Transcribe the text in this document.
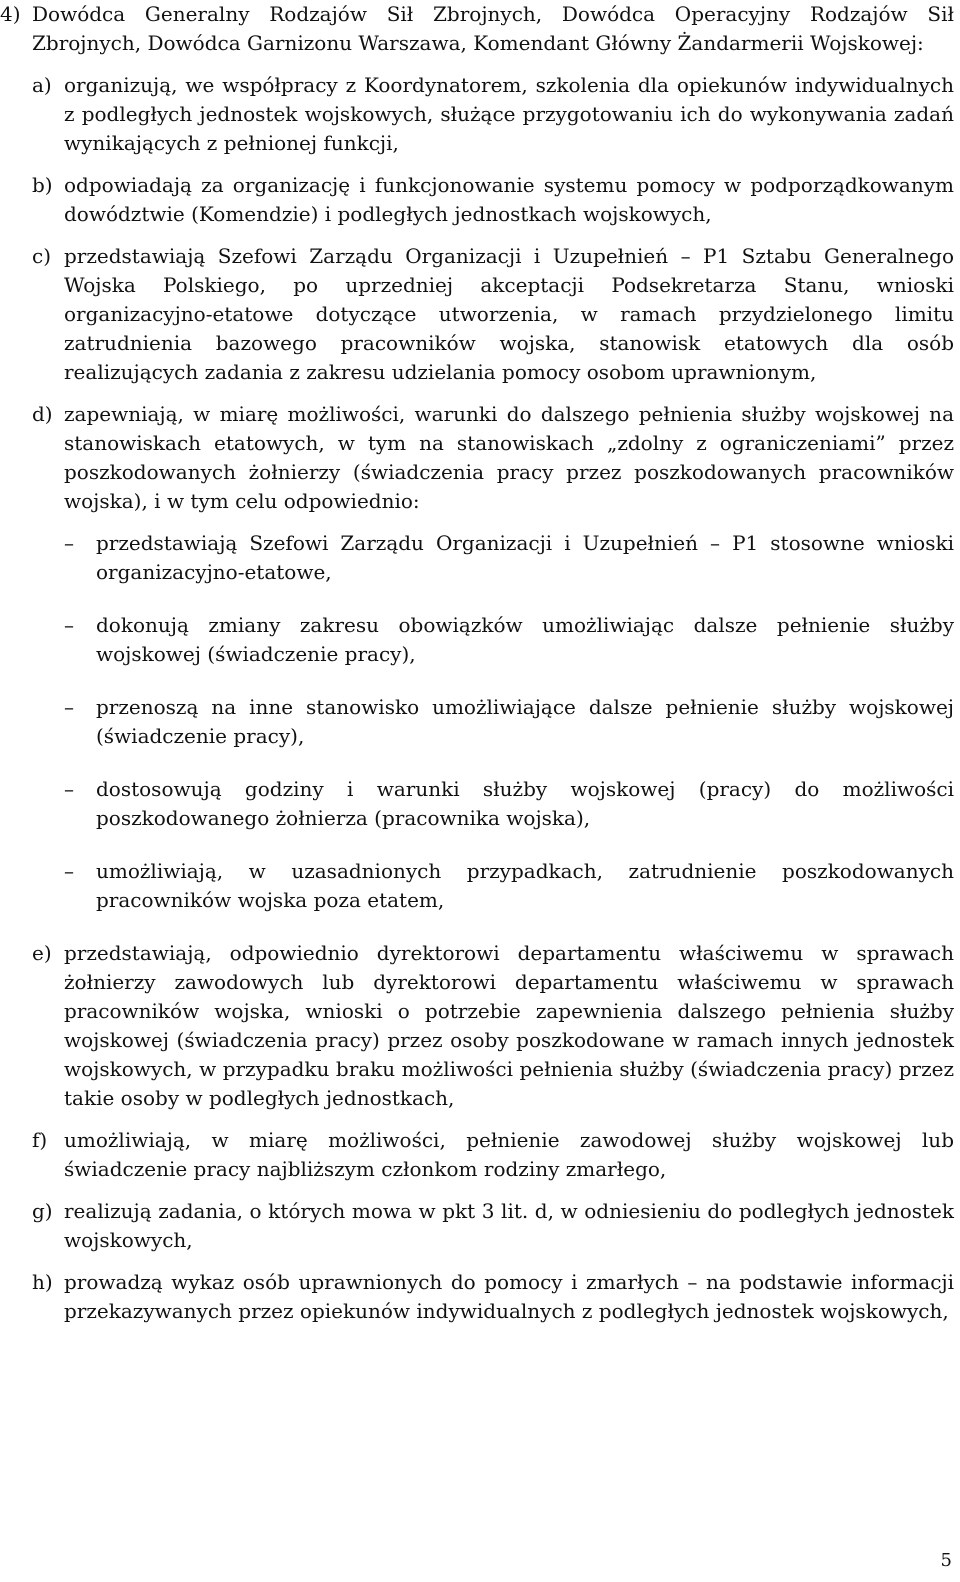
4) Dowódca Generalny Rodzajów Sił Zbrojnych, Dowódca Operacyjny Rodzajów Sił Zbrojnych, Dowódca Garnizonu Warszawa, Komendant Główny Żandarmerii Wojskowej:
a) organizują, we współpracy z Koordynatorem, szkolenia dla opiekunów indywidualnych z podległych jednostek wojskowych, służące przygotowaniu ich do wykonywania zadań wynikających z pełnionej funkcji,
b) odpowiadają za organizację i funkcjonowanie systemu pomocy w podporządkowanym dowództwie (Komendzie) i podległych jednostkach wojskowych,
c) przedstawiają Szefowi Zarządu Organizacji i Uzupełnień – P1 Sztabu Generalnego Wojska Polskiego, po uprzedniej akceptacji Podsekretarza Stanu, wnioski organizacyjno-etatowe dotyczące utworzenia, w ramach przydzielonego limitu zatrudnienia bazowego pracowników wojska, stanowisk etatowych dla osób realizujących zadania z zakresu udzielania pomocy osobom uprawnionym,
d) zapewniają, w miarę możliwości, warunki do dalszego pełnienia służby wojskowej na stanowiskach etatowych, w tym na stanowiskach „zdolny z ograniczeniami” przez poszkodowanych żołnierzy (świadczenia pracy przez poszkodowanych pracowników wojska), i w tym celu odpowiednio:
– przedstawiają Szefowi Zarządu Organizacji i Uzupełnień – P1 stosowne wnioski organizacyjno-etatowe,
– dokonują zmiany zakresu obowiązków umożliwiając dalsze pełnienie służby wojskowej (świadczenie pracy),
– przenoszą na inne stanowisko umożliwiające dalsze pełnienie służby wojskowej (świadczenie pracy),
– dostosowują godziny i warunki służby wojskowej (pracy) do możliwości poszkodowanego żołnierza (pracownika wojska),
– umożliwiają, w uzasadnionych przypadkach, zatrudnienie poszkodowanych pracowników wojska poza etatem,
e) przedstawiają, odpowiednio dyrektorowi departamentu właściwemu w sprawach żołnierzy zawodowych lub dyrektorowi departamentu właściwemu w sprawach pracowników wojska, wnioski o potrzebie zapewnienia dalszego pełnienia służby wojskowej (świadczenia pracy) przez osoby poszkodowane w ramach innych jednostek wojskowych, w przypadku braku możliwości pełnienia służby (świadczenia pracy) przez takie osoby w podległych jednostkach,
f) umożliwiają, w miarę możliwości, pełnienie zawodowej służby wojskowej lub świadczenie pracy najbliższym członkom rodziny zmarłego,
g) realizują zadania, o których mowa w pkt 3 lit. d, w odniesieniu do podległych jednostek wojskowych,
h) prowadzą wykaz osób uprawnionych do pomocy i zmarłych – na podstawie informacji przekazywanych przez opiekunów indywidualnych z podległych jednostek wojskowych,
5
